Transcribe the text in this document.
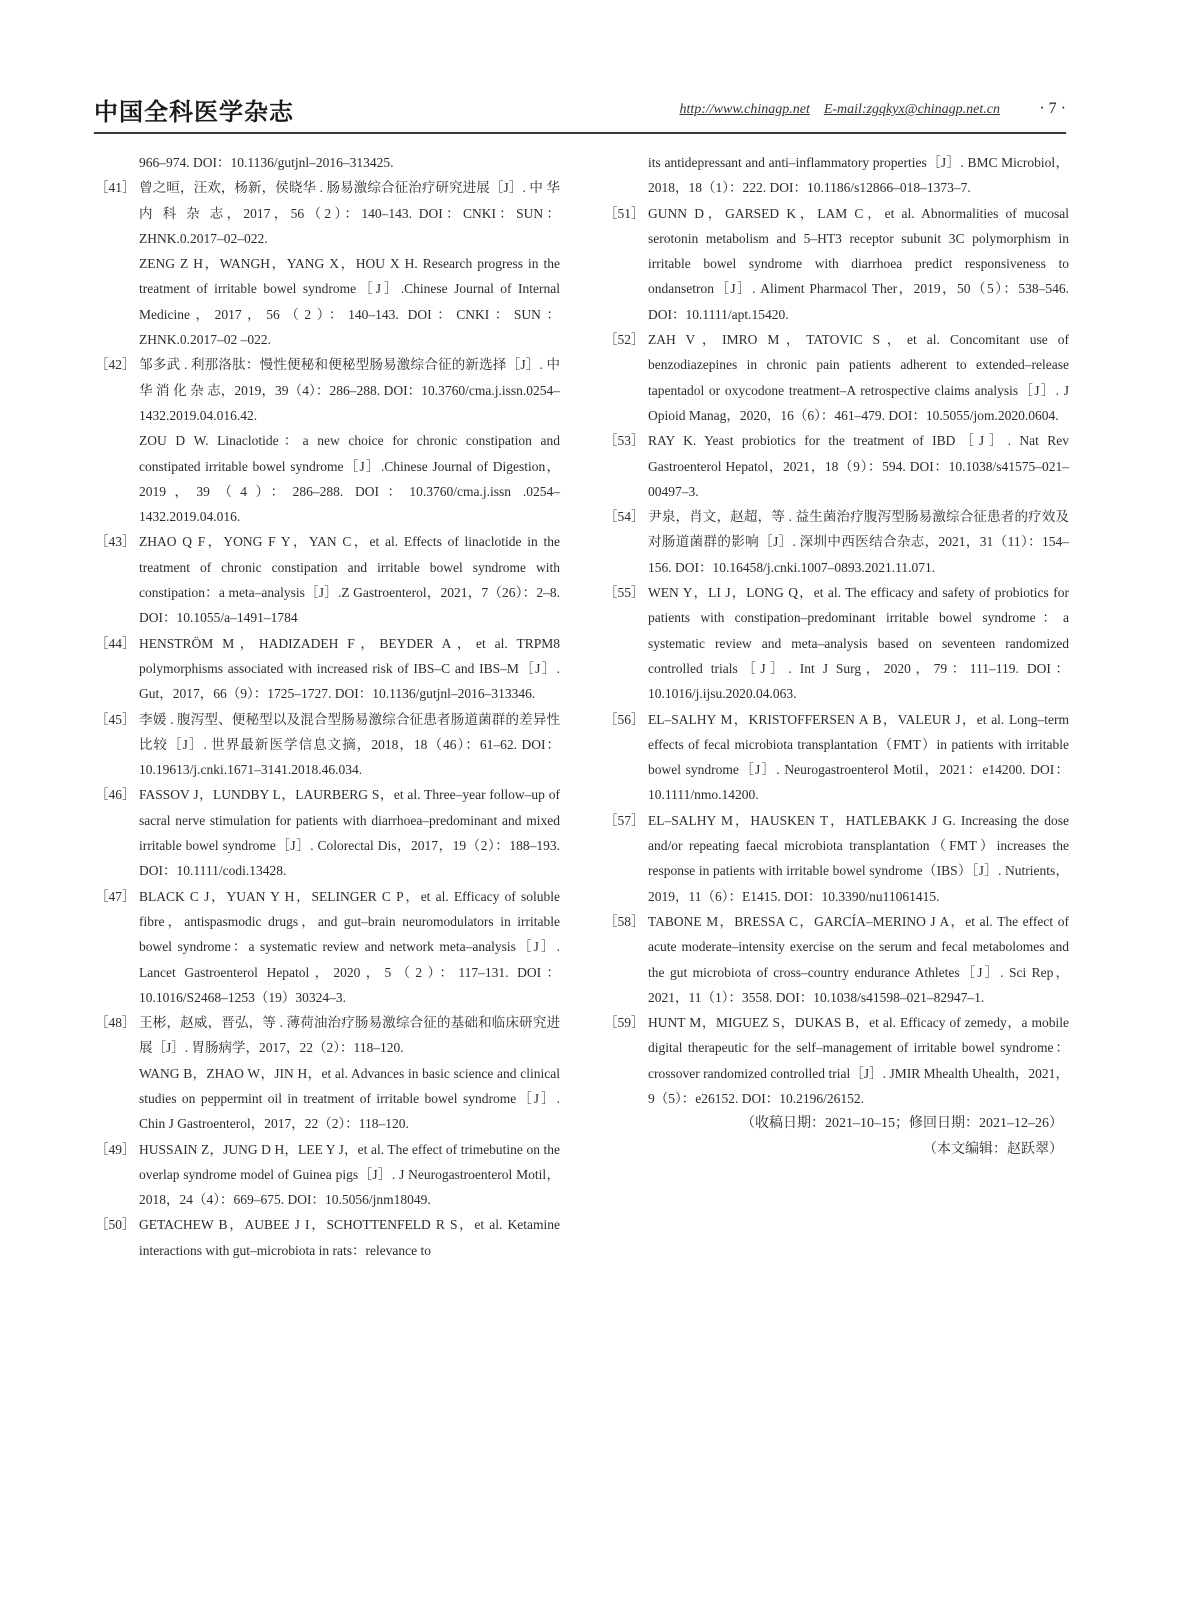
中国全科医学杂志	http://www.chinagp.net E-mail:zgqkyx@chinagp.net.cn · 7 ·

966–974. DOI：10.1136/gutjnl–2016–313425.

［41］ 曾之晅，汪欢，杨新，侯晓华 . 肠易激综合征治疗研究进展［J］. 中 华 内 科 杂 志，2017，56（2）：140–143. DOI：CNKI：SUN：ZHNK.0.2017–02–022.
ZENG Z H，WANGH，YANG X，HOU X H. Research progress in the treatment of irritable bowel syndrome［J］.Chinese Journal of Internal Medicine，2017，56（2）：140–143. DOI：CNKI：SUN：ZHNK.0.2017–02 –022.

［42］ 邹多武 . 利那洛肽：慢性便秘和便秘型肠易激综合征的新选择［J］. 中 华 消 化 杂 志，2019，39（4）：286–288. DOI：10.3760/cma.j.issn.0254–1432.2019.04.016.42.
ZOU D W. Linaclotide：a new choice for chronic constipation and constipated irritable bowel syndrome［J］.Chinese Journal of Digestion，2019，39（4）：286–288. DOI：10.3760/cma.j.issn .0254–1432.2019.04.016.

［43］ ZHAO Q F，YONG F Y，YAN C，et al. Effects of linaclotide in the treatment of chronic constipation and irritable bowel syndrome with constipation：a meta–analysis［J］.Z Gastroenterol，2021，7（26）：2–8. DOI：10.1055/a–1491–1784

［44］ HENSTRÖM M，HADIZADEH F，BEYDER A，et al. TRPM8 polymorphisms associated with increased risk of IBS–C and IBS–M［J］. Gut，2017，66（9）：1725–1727. DOI：10.1136/gutjnl–2016–313346.

［45］ 李媛 . 腹泻型、便秘型以及混合型肠易激综合征患者肠道菌群的差异性比较［J］. 世界最新医学信息文摘，2018，18（46）：61–62. DOI：10.19613/j.cnki.1671–3141.2018.46.034.

［46］ FASSOV J，LUNDBY L，LAURBERG S，et al. Three–year follow–up of sacral nerve stimulation for patients with diarrhoea–predominant and mixed irritable bowel syndrome［J］. Colorectal Dis，2017，19（2）：188–193. DOI：10.1111/codi.13428.

［47］ BLACK C J，YUAN Y H，SELINGER C P，et al. Efficacy of soluble fibre，antispasmodic drugs，and gut–brain neuromodulators in irritable bowel syndrome：a systematic review and network meta–analysis［J］. Lancet Gastroenterol Hepatol，2020，5（2）：117–131. DOI：10.1016/S2468–1253（19）30324–3.

［48］ 王彬，赵威，晋弘，等 . 薄荷油治疗肠易激综合征的基础和临床研究进展［J］. 胃肠病学，2017，22（2）：118–120.
WANG B，ZHAO W，JIN H，et al. Advances in basic science and clinical studies on peppermint oil in treatment of irritable bowel syndrome［J］. Chin J Gastroenterol，2017，22（2）：118–120.

［49］ HUSSAIN Z，JUNG D H，LEE Y J，et al. The effect of trimebutine on the overlap syndrome model of Guinea pigs［J］. J Neurogastroenterol Motil，2018，24（4）：669–675. DOI：10.5056/jnm18049.

［50］ GETACHEW B，AUBEE J I，SCHOTTENFELD R S，et al. Ketamine interactions with gut–microbiota in rats：relevance to

its antidepressant and anti–inflammatory properties［J］. BMC Microbiol，2018，18（1）：222. DOI：10.1186/s12866–018–1373–7.

［51］ GUNN D，GARSED K，LAM C，et al. Abnormalities of mucosal serotonin metabolism and 5–HT3 receptor subunit 3C polymorphism in irritable bowel syndrome with diarrhoea predict responsiveness to ondansetron［J］. Aliment Pharmacol Ther，2019，50（5）：538–546. DOI：10.1111/apt.15420.

［52］ ZAH V，IMRO M，TATOVIC S，et al. Concomitant use of benzodiazepines in chronic pain patients adherent to extended–release tapentadol or oxycodone treatment–A retrospective claims analysis［J］. J Opioid Manag，2020，16（6）：461–479. DOI：10.5055/jom.2020.0604.

［53］ RAY K. Yeast probiotics for the treatment of IBD［J］. Nat Rev Gastroenterol Hepatol，2021，18（9）：594. DOI：10.1038/s41575–021–00497–3.

［54］ 尹泉，肖文，赵超，等 . 益生菌治疗腹泻型肠易激综合征患者的疗效及对肠道菌群的影响［J］. 深圳中西医结合杂志，2021，31（11）：154–156. DOI：10.16458/j.cnki.1007–0893.2021.11.071.

［55］ WEN Y，LI J，LONG Q，et al. The efficacy and safety of probiotics for patients with constipation–predominant irritable bowel syndrome：a systematic review and meta–analysis based on seventeen randomized controlled trials［J］. Int J Surg，2020，79：111–119. DOI：10.1016/j.ijsu.2020.04.063.

［56］ EL–SALHY M，KRISTOFFERSEN A B，VALEUR J，et al. Long–term effects of fecal microbiota transplantation（FMT）in patients with irritable bowel syndrome［J］. Neurogastroenterol Motil，2021：e14200. DOI：10.1111/nmo.14200.

［57］ EL–SALHY M，HAUSKEN T，HATLEBAKK J G. Increasing the dose and/or repeating faecal microbiota transplantation（FMT）increases the response in patients with irritable bowel syndrome（IBS）［J］. Nutrients，2019，11（6）：E1415. DOI：10.3390/nu11061415.

［58］ TABONE M，BRESSA C，GARCÍA–MERINO J A，et al. The effect of acute moderate–intensity exercise on the serum and fecal metabolomes and the gut microbiota of cross–country endurance Athletes［J］. Sci Rep，2021，11（1）：3558. DOI：10.1038/s41598–021–82947–1.

［59］ HUNT M，MIGUEZ S，DUKAS B，et al. Efficacy of zemedy，a mobile digital therapeutic for the self–management of irritable bowel syndrome：crossover randomized controlled trial［J］. JMIR Mhealth Uhealth，2021，9（5）：e26152. DOI：10.2196/26152.

（收稿日期：2021–10–15；修回日期：2021–12–26）

（本文编辑：赵跃翠）
